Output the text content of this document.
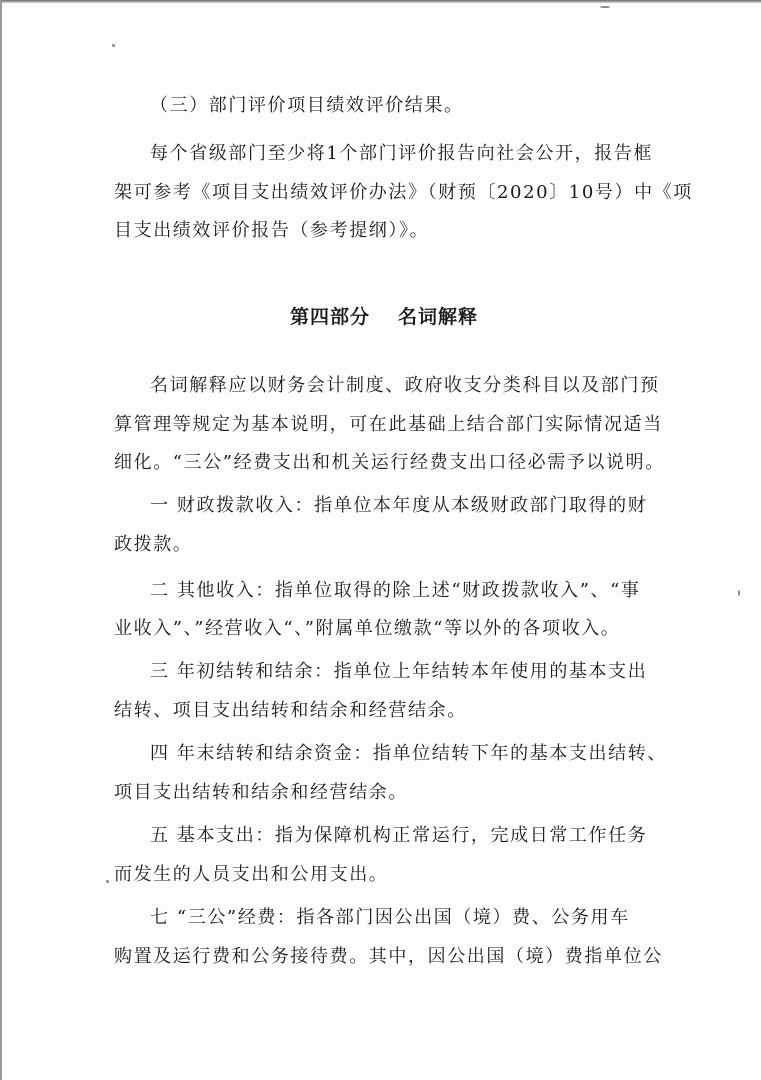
（三）部门评价项目绩效评价结果。
每个省级部门至少将1个部门评价报告向社会公开，报告框
架可参考《项目支出绩效评价办法》（财预〔2020〕10号）中《项
目支出绩效评价报告（参考提纲）》。
第四部分 名词解释
名词解释应以财务会计制度、政府收支分类科目以及部门预
算管理等规定为基本说明，可在此基础上结合部门实际情况适当
细化。“三公”经费支出和机关运行经费支出口径必需予以说明。
一 财政拨款收入：指单位本年度从本级财政部门取得的财
政拨款。
二 其他收入：指单位取得的除上述“财政拨款收入”、“事
业收入”、”经营收入“、”附属单位缴款“等以外的各项收入。
三 年初结转和结余：指单位上年结转本年使用的基本支出
结转、项目支出结转和结余和经营结余。
四 年末结转和结余资金：指单位结转下年的基本支出结转、
项目支出结转和结余和经营结余。
五 基本支出：指为保障机构正常运行，完成日常工作任务
而发生的人员支出和公用支出。
七 “三公”经费：指各部门因公出国（境）费、公务用车
购置及运行费和公务接待费。其中，因公出国（境）费指单位公
